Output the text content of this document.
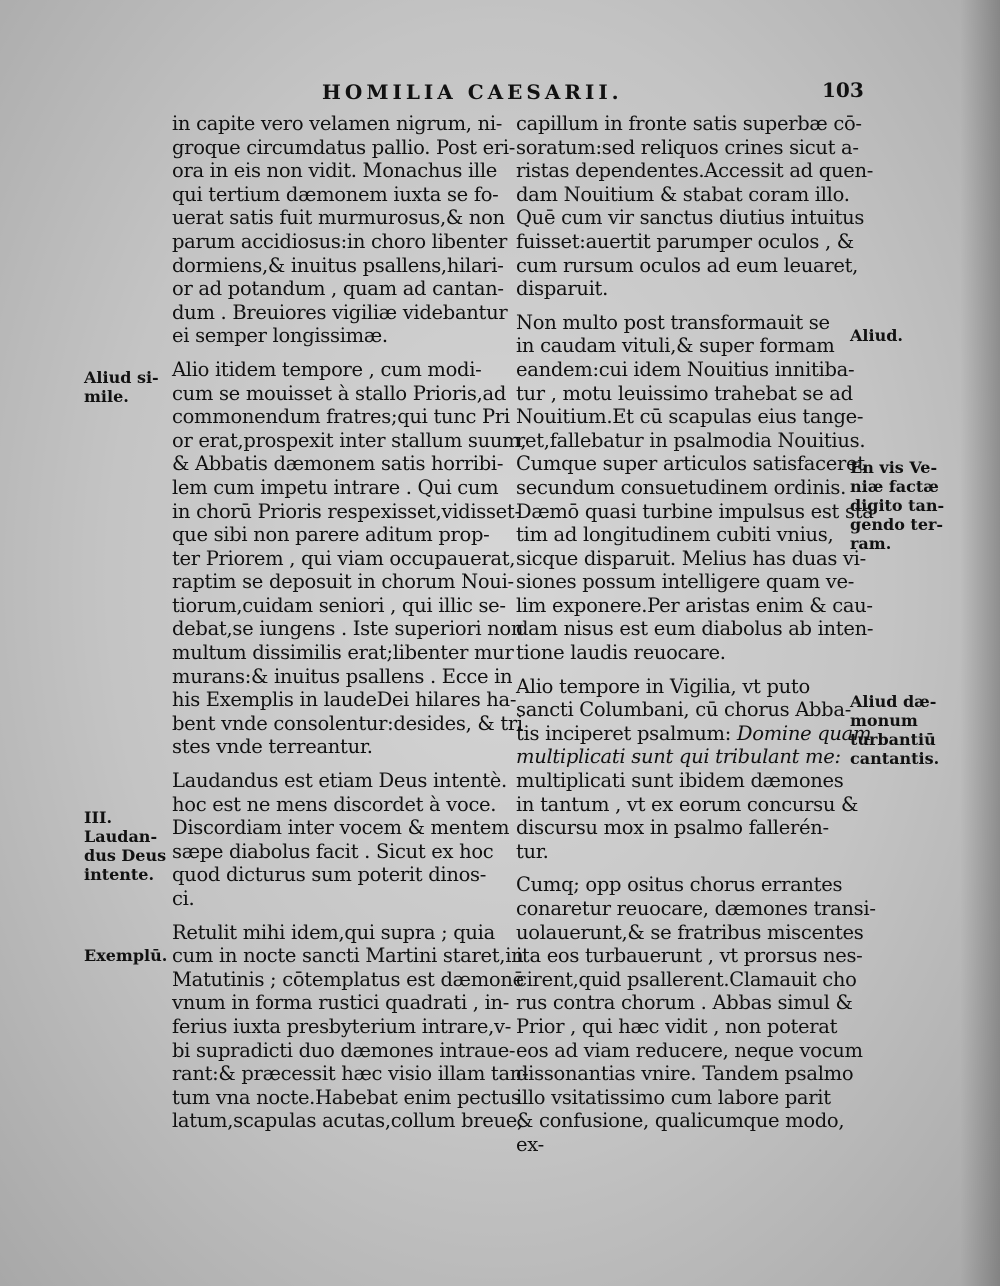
HOMILIA CAESARII.	103
in capite vero velamen nigrum, ni-
groque circumdatus pallio. Post eri-
ora in eis non vidit. Monachus ille
qui tertium dæmonem iuxta se fo-
uerat satis fuit murmurosus,& non
parum accidiosus:in choro libenter
dormiens,& inuitus psallens,hilari-
or ad potandum , quam ad cantan-
dum . Breuiores vigiliæ videbantur
ei semper longissimæ.
Alio itidem tempore , cum modi-
cum se mouisset à stallo Prioris,ad
commonendum fratres;qui tunc Pri
or erat,prospexit inter stallum suum,
& Abbatis dæmonem satis horribi-
lem cum impetu intrare . Qui cum
in chorū Prioris respexisset,vidisset-
que sibi non parere aditum prop-
ter Priorem , qui viam occupauerat,
raptim se deposuit in chorum Noui-
tiorum,cuidam seniori , qui illic se-
debat,se iungens . Iste superiori non
multum dissimilis erat;libenter mur
murans:& inuitus psallens . Ecce in
his Exemplis in laudeDei hilares ha-
bent vnde consolentur:desides, & tri
stes vnde terreantur.
Laudandus est etiam Deus intentè.
hoc est ne mens discordet à voce.
Discordiam inter vocem & mentem
sæpe diabolus facit . Sicut ex hoc
quod dicturus sum poterit dinos-
ci.
Retulit mihi idem,qui supra ; quia
cum in nocte sancti Martini staret,in
Matutinis ; cōtemplatus est dæmonē
vnum in forma rustici quadrati , in-
ferius iuxta presbyterium intrare,v-
bi supradicti duo dæmones intraue-
rant:& præcessit hæc visio illam tan-
tum vna nocte.Habebat enim pectus
latum,scapulas acutas,collum breue,
capillum in fronte satis superbæ cō-
soratum:sed reliquos crines sicut a-
ristas dependentes.Accessit ad quen-
dam Nouitium & stabat coram illo.
Quē cum vir sanctus diutius intuitus
fuisset:auertit parumper oculos , &
cum rursum oculos ad eum leuaret,
disparuit.
Non multo post transformauit se
in caudam vituli,& super formam
eandem:cui idem Nouitius innitiba-
tur , motu leuissimo trahebat se ad
Nouitium.Et cū scapulas eius tange-
ret,fallebatur in psalmodia Nouitius.
Cumque super articulos satisfaceret
secundum consuetudinem ordinis.
Dæmō quasi turbine impulsus est sta
tim ad longitudinem cubiti vnius,
sicque disparuit. Melius has duas vi-
siones possum intelligere quam ve-
lim exponere.Per aristas enim & cau-
dam nisus est eum diabolus ab inten-
tione laudis reuocare.
Alio tempore in Vigilia, vt puto
sancti Columbani, cū chorus Abba-
tis inciperet psalmum: Domine quam
multiplicati sunt qui tribulant me:
multiplicati sunt ibidem dæmones
in tantum , vt ex eorum concursu &
discursu mox in psalmo fallerén-
tur.
Cumq; opp ositus chorus errantes
conaretur reuocare, dæmones transi-
uolauerunt,& se fratribus miscentes
ita eos turbauerunt , vt prorsus nes-
cirent,quid psallerent.Clamauit cho
rus contra chorum . Abbas simul &
Prior , qui hæc vidit , non poterat
eos ad viam reducere, neque vocum
dissonantias vnire. Tandem psalmo
illo vsitatissimo cum labore parit
& confusione, qualicumque modo,
ex-
Aliud si-
mile.
III.
Laudan-
dus Deus
intente.
Exemplū.
Aliud.
En vis Ve-
niæ factæ
digito tan-
gendo ter-
ram.
Aliud dæ-
monum
turbantiū
cantantis.
